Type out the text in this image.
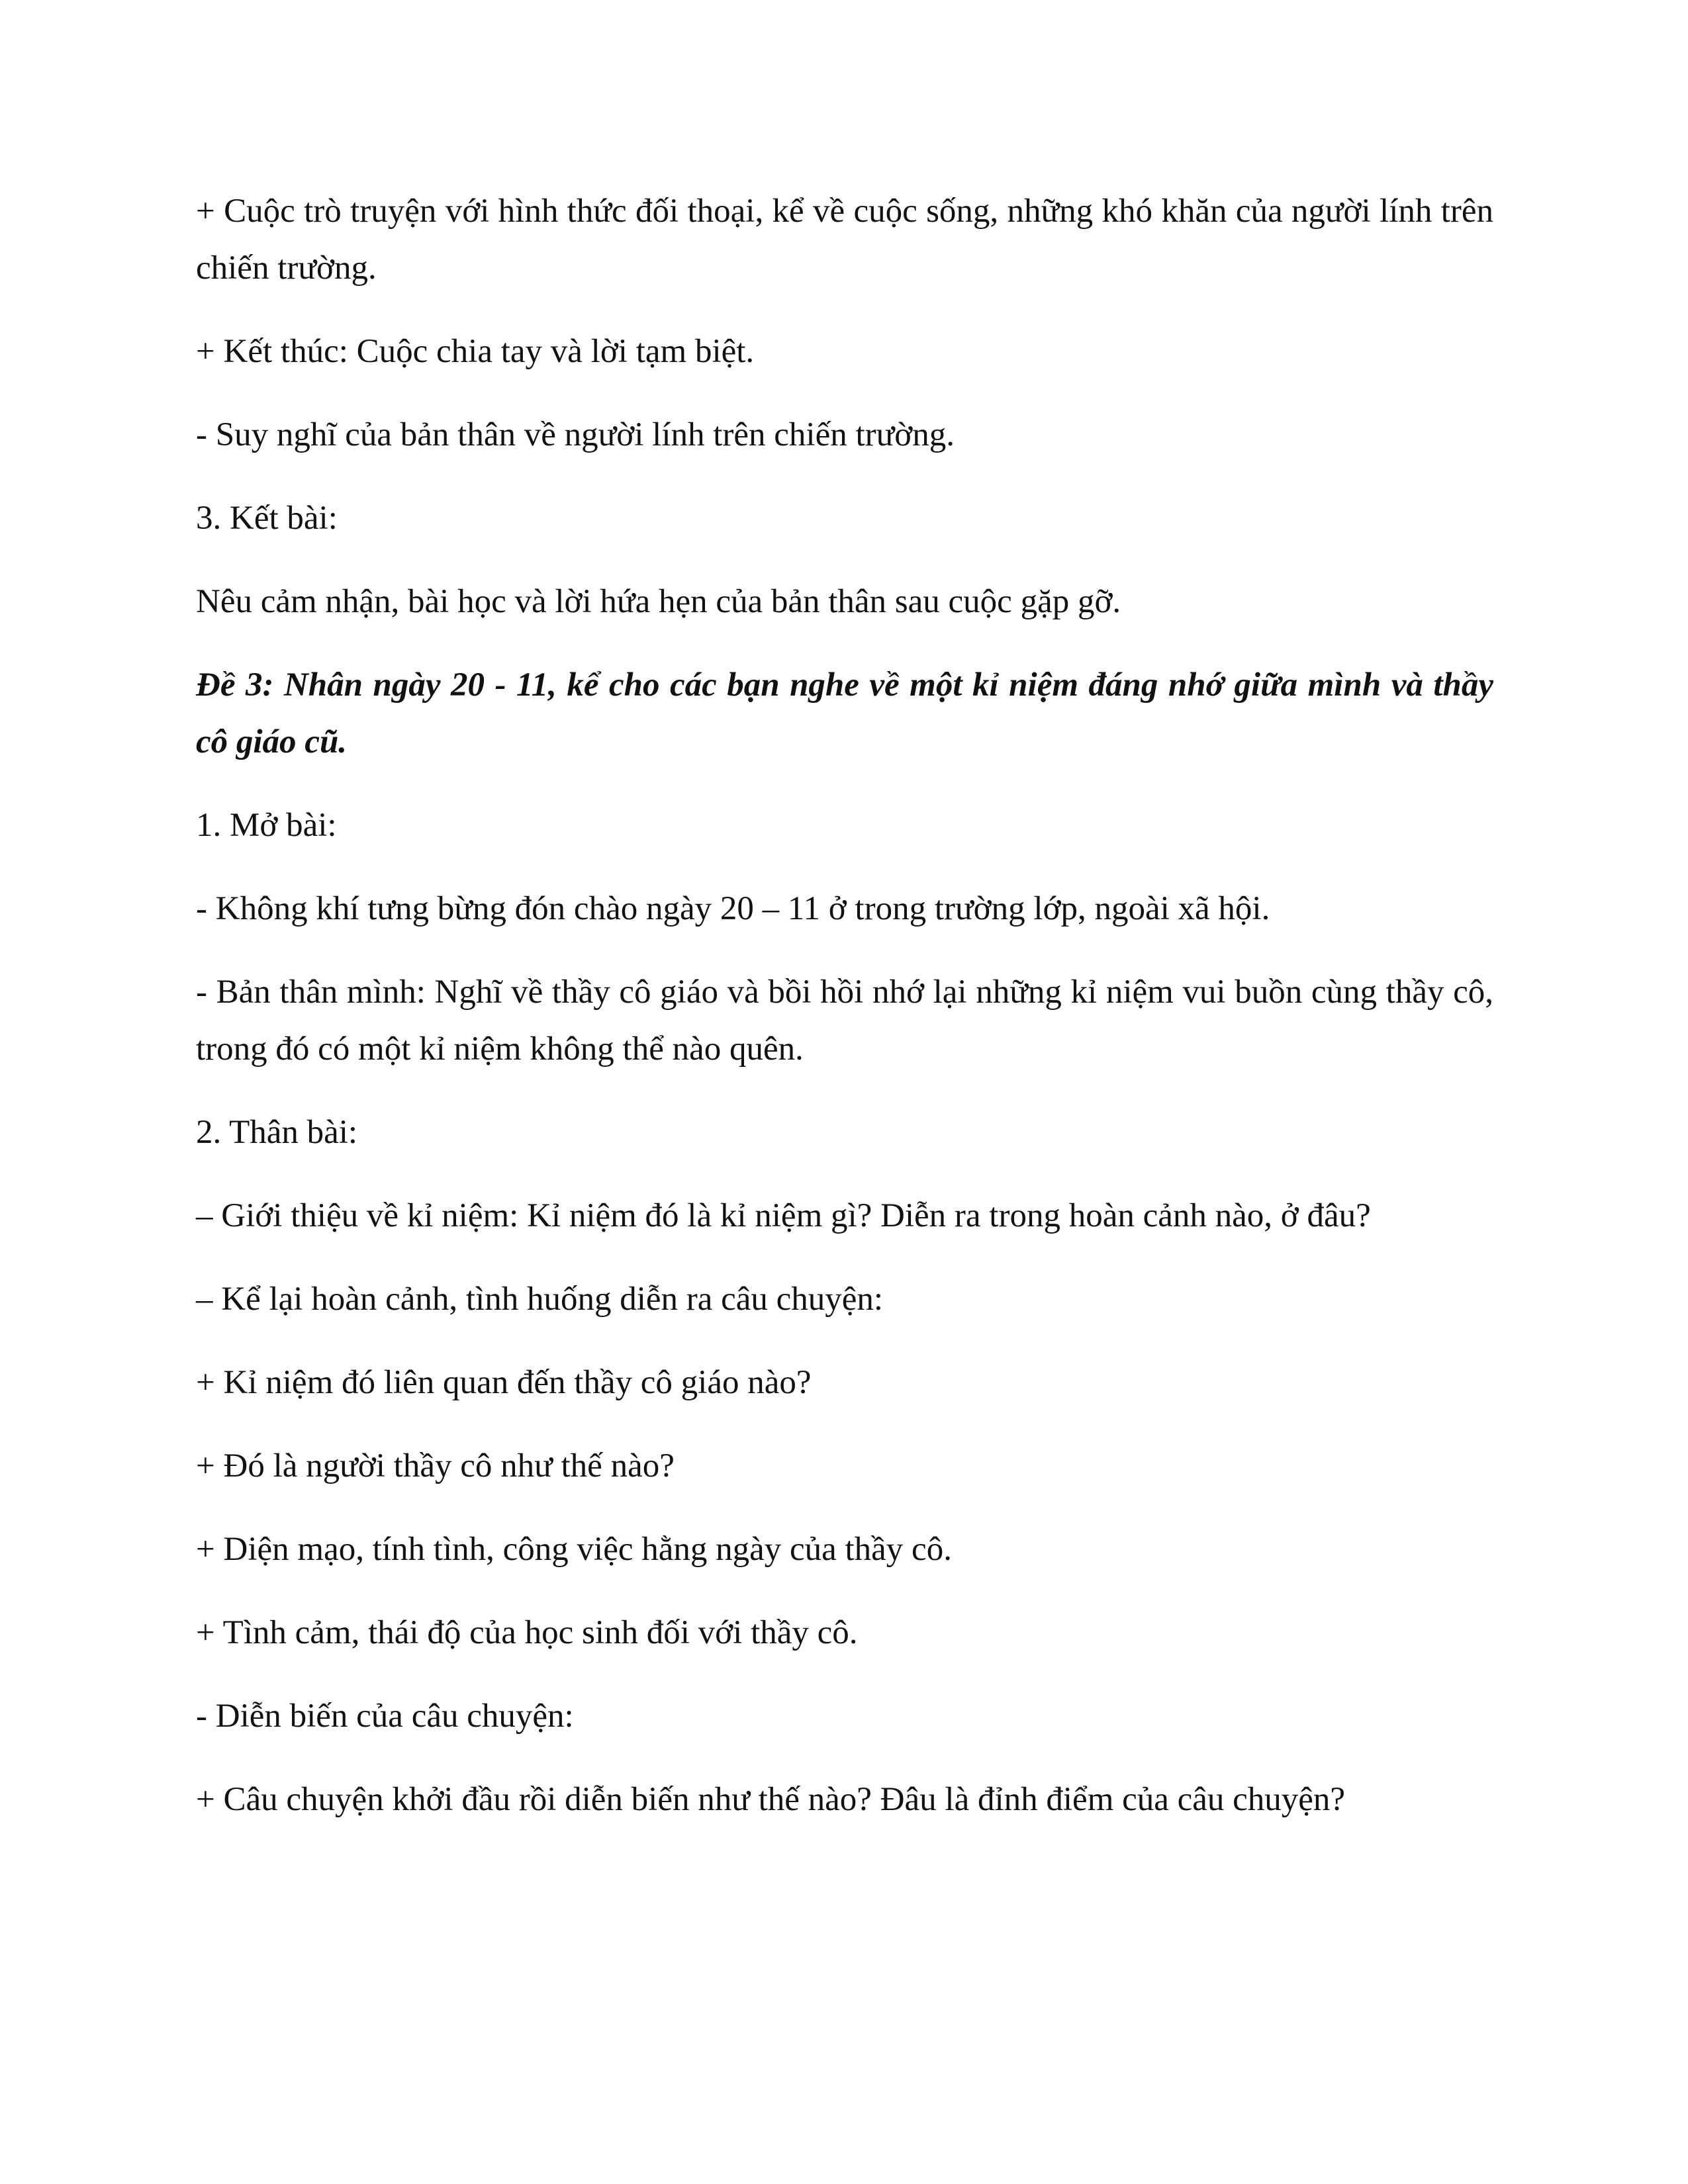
+ Cuộc trò truyện với hình thức đối thoại, kể về cuộc sống, những khó khăn của người lính trên chiến trường.

+ Kết thúc: Cuộc chia tay và lời tạm biệt.

- Suy nghĩ của bản thân về người lính trên chiến trường.

3. Kết bài:

Nêu cảm nhận, bài học và lời hứa hẹn của bản thân sau cuộc gặp gỡ.

Đề 3: Nhân ngày 20 - 11, kể cho các bạn nghe về một kỉ niệm đáng nhớ giữa mình và thầy cô giáo cũ.

1. Mở bài:

- Không khí tưng bừng đón chào ngày 20 – 11 ở trong trường lớp, ngoài xã hội.

- Bản thân mình: Nghĩ về thầy cô giáo và bồi hồi nhớ lại những kỉ niệm vui buồn cùng thầy cô, trong đó có một kỉ niệm không thể nào quên.

2. Thân bài:

– Giới thiệu về kỉ niệm: Kỉ niệm đó là kỉ niệm gì? Diễn ra trong hoàn cảnh nào, ở đâu?

– Kể lại hoàn cảnh, tình huống diễn ra câu chuyện:

+ Kỉ niệm đó liên quan đến thầy cô giáo nào?

+ Đó là người thầy cô như thế nào?

+ Diện mạo, tính tình, công việc hằng ngày của thầy cô.

+ Tình cảm, thái độ của học sinh đối với thầy cô.

- Diễn biến của câu chuyện:

+ Câu chuyện khởi đầu rồi diễn biến như thế nào? Đâu là đỉnh điểm của câu chuyện?
